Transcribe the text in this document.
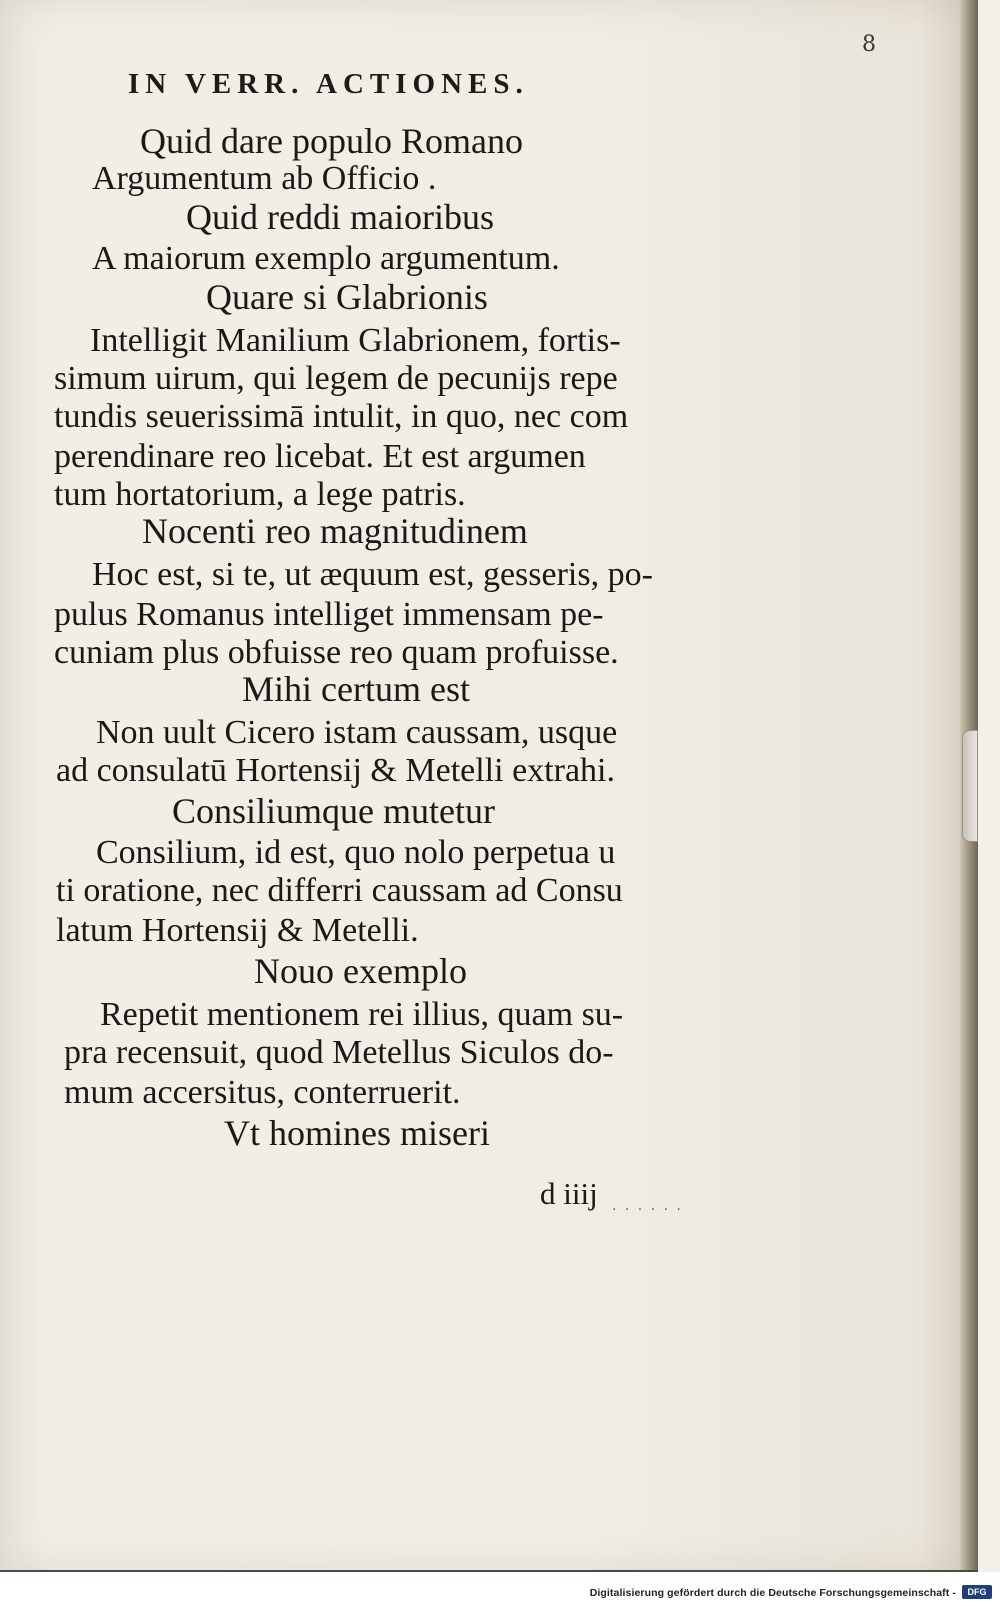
8
IN VERR. ACTIONES.
Quid dare populo Romano
Argumentum ab Officio .
Quid reddi maioribus
A maiorum exemplo argumentum.
Quare si Glabrionis
Intelligit Manilium Glabrionem, fortis-
simum uirum, qui legem de pecunijs repe
tundis seuerissimā intulit, in quo, nec com
perendinare reo licebat. Et est argumen
tum hortatorium, a lege patris.
Nocenti reo magnitudinem
Hoc est, si te, ut æquum est, gesseris, po-
pulus Romanus intelliget immensam pe-
cuniam plus obfuisse reo quam profuisse.
Mihi certum est
Non uult Cicero istam caussam, usque
ad consulatū Hortensij & Metelli extrahi.
Consiliumque mutetur
Consilium, id est, quo nolo perpetua u
ti oratione, nec differri caussam ad Consu
latum Hortensij & Metelli.
Nouo exemplo
Repetit mentionem rei illius, quam su-
pra recensuit, quod Metellus Siculos do-
mum accersitus, conterruerit.
Vt homines miseri
d iiij . . . . . .
Digitalisierung gefördert durch die Deutsche Forschungsgemeinschaft -	DFG
